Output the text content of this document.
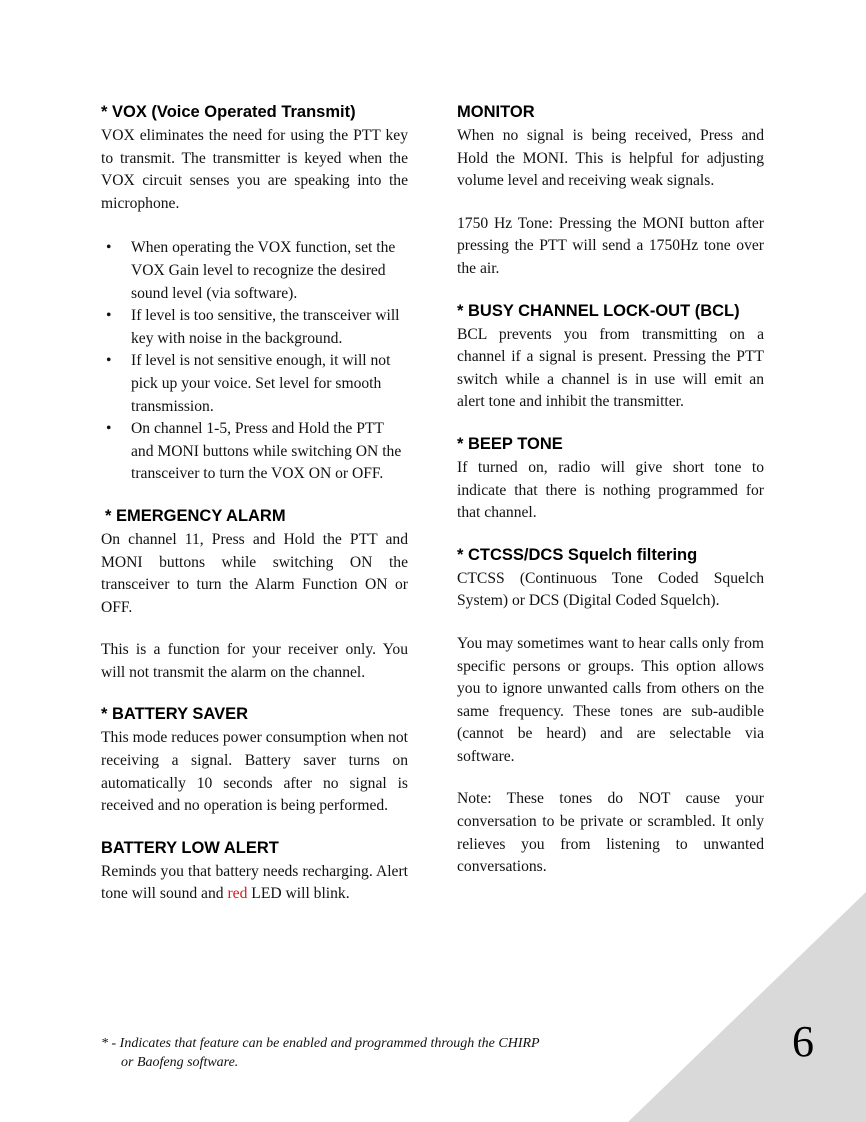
* VOX (Voice Operated Transmit)

VOX eliminates the need for using the PTT key to transmit. The transmitter is keyed when the VOX circuit senses you are speaking into the microphone.

• When operating the VOX function, set the VOX Gain level to recognize the desired sound level (via software).
• If level is too sensitive, the transceiver will key with noise in the background.
• If level is not sensitive enough, it will not pick up your voice. Set level for smooth transmission.
• On channel 1-5, Press and Hold the PTT and MONI buttons while switching ON the transceiver to turn the VOX ON or OFF.
* EMERGENCY ALARM

On channel 11, Press and Hold the PTT and MONI buttons while switching ON the transceiver to turn the Alarm Function ON or OFF.

This is a function for your receiver only. You will not transmit the alarm on the channel.

* BATTERY SAVER

This mode reduces power consumption when not receiving a signal. Battery saver turns on automatically 10 seconds after no signal is received and no operation is being performed.

BATTERY LOW ALERT

Reminds you that battery needs recharging. Alert tone will sound and red LED will blink.

MONITOR

When no signal is being received, Press and Hold the MONI. This is helpful for adjusting volume level and receiving weak signals.

1750 Hz Tone: Pressing the MONI button after pressing the PTT will send a 1750Hz tone over the air.

* BUSY CHANNEL LOCK-OUT (BCL)

BCL prevents you from transmitting on a channel if a signal is present. Pressing the PTT switch while a channel is in use will emit an alert tone and inhibit the transmitter.

* BEEP TONE

If turned on, radio will give short tone to indicate that there is nothing programmed for that channel.

* CTCSS/DCS Squelch filtering

CTCSS (Continuous Tone Coded Squelch System) or DCS (Digital Coded Squelch).

You may sometimes want to hear calls only from specific persons or groups. This option allows you to ignore unwanted calls from others on the same frequency. These tones are sub-audible (cannot be heard) and are selectable via software.

Note: These tones do NOT cause your conversation to be private or scrambled. It only relieves you from listening to unwanted conversations.

* - Indicates that feature can be enabled and programmed through the CHIRP
or Baofeng software.	6
